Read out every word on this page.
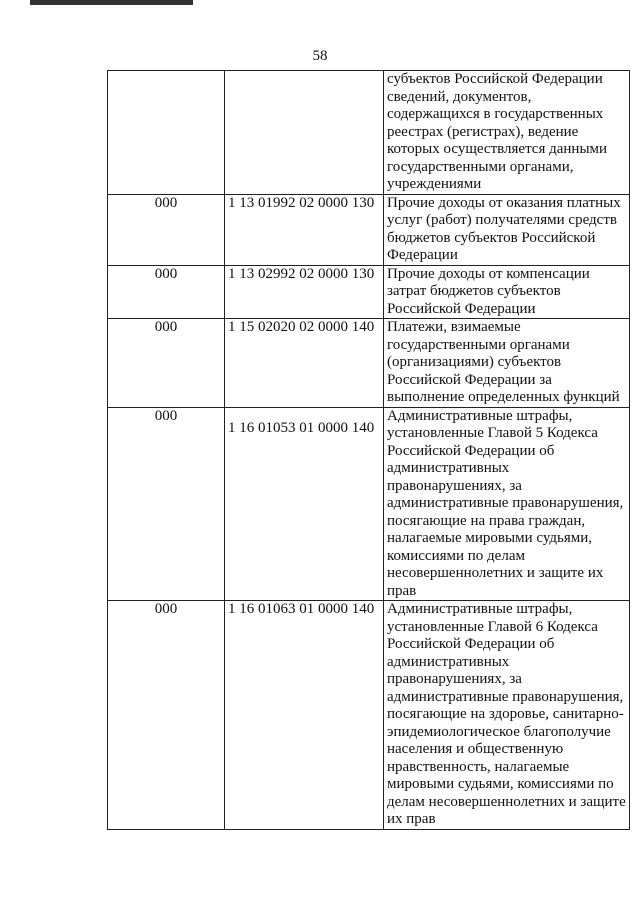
58
		субъектов Российской Федерации сведений, документов, содержащихся в государственных реестрах (регистрах), ведение которых осуществляется данными государственными органами, учреждениями
000	1 13 01992 02 0000 130	Прочие доходы от оказания платных услуг (работ) получателями средств бюджетов субъектов Российской Федерации
000	1 13 02992 02 0000 130	Прочие доходы от компенсации затрат бюджетов субъектов Российской Федерации
000	1 15 02020 02 0000 140	Платежи, взимаемые государственными органами (организациями) субъектов Российской Федерации за выполнение определенных функций
000	1 16 01053 01 0000 140	Административные штрафы, установленные Главой 5 Кодекса Российской Федерации об административных правонарушениях, за административные правонарушения, посягающие на права граждан, налагаемые мировыми судьями, комиссиями по делам несовершеннолетних и защите их прав
000	1 16 01063 01 0000 140	Административные штрафы, установленные Главой 6 Кодекса Российской Федерации об административных правонарушениях, за административные правонарушения, посягающие на здоровье, санитарно-эпидемиологическое благополучие населения и общественную нравственность, налагаемые мировыми судьями, комиссиями по делам несовершеннолетних и защите их прав
